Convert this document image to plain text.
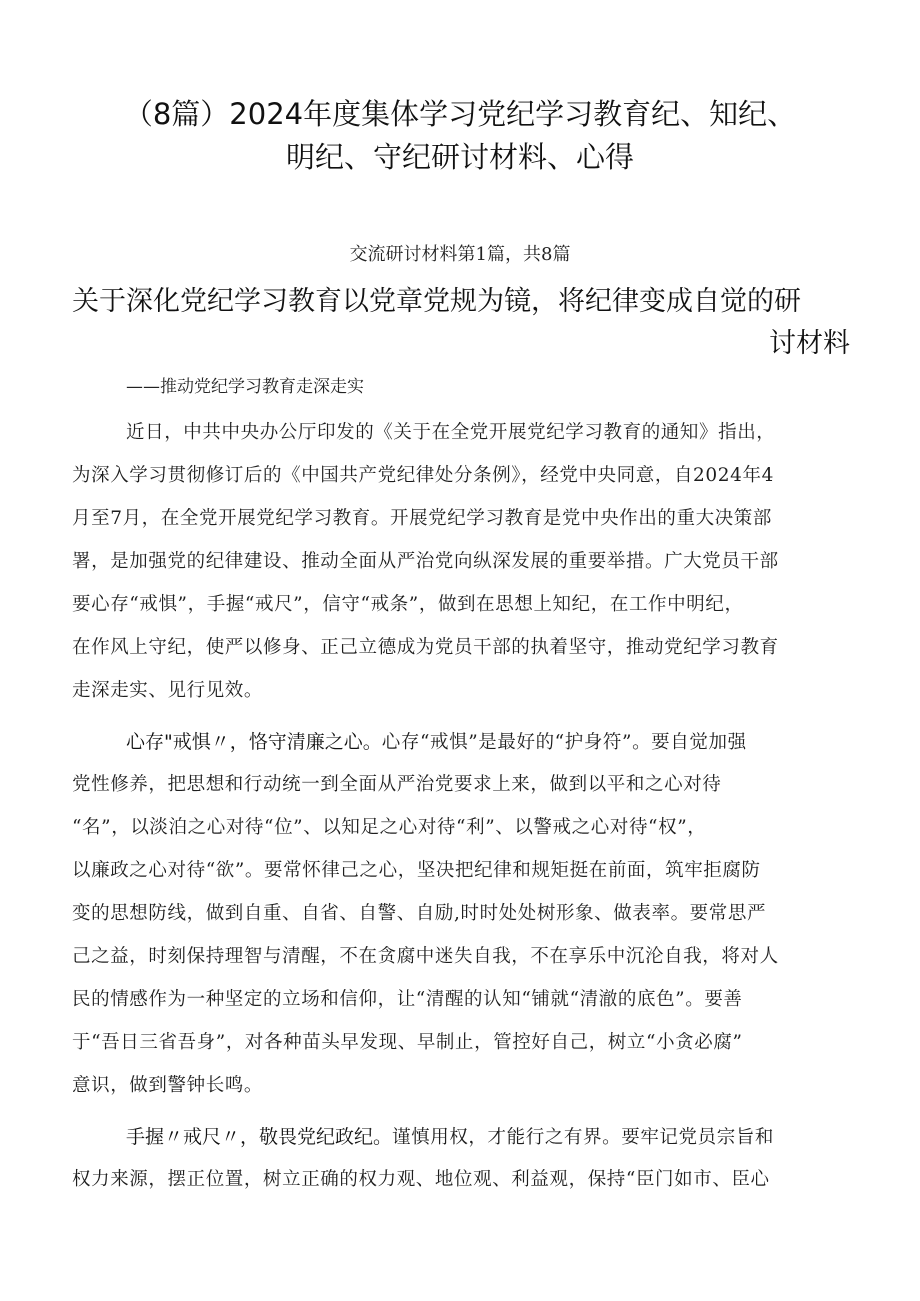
（8篇）2024年度集体学习党纪学习教育纪、知纪、
明纪、守纪研讨材料、心得
交流研讨材料第1篇，共8篇
关于深化党纪学习教育以党章党规为镜，将纪律变成自觉的研
讨材料
——推动党纪学习教育走深走实
近日，中共中央办公厅印发的《关于在全党开展党纪学习教育的通知》指出，
为深入学习贯彻修订后的《中国共产党纪律处分条例》，经党中央同意，自2024年4
月至7月，在全党开展党纪学习教育。开展党纪学习教育是党中央作出的重大决策部
署，是加强党的纪律建设、推动全面从严治党向纵深发展的重要举措。广大党员干部
要心存“戒惧”，手握“戒尺”，信守“戒条”，做到在思想上知纪，在工作中明纪，
在作风上守纪，使严以修身、正己立德成为党员干部的执着坚守，推动党纪学习教育
走深走实、见行见效。
心存"戒惧〃，恪守清廉之心。心存“戒惧”是最好的“护身符”。要自觉加强
党性修养，把思想和行动统一到全面从严治党要求上来，做到以平和之心对待
“名”，以淡泊之心对待“位”、以知足之心对待“利”、以警戒之心对待“权”，
以廉政之心对待“欲”。要常怀律己之心，坚决把纪律和规矩挺在前面，筑牢拒腐防
变的思想防线，做到自重、自省、自警、自励,时时处处树形象、做表率。要常思严
己之益，时刻保持理智与清醒，不在贪腐中迷失自我，不在享乐中沉沦自我，将对人
民的情感作为一种坚定的立场和信仰，让“清醒的认知“铺就“清澈的底色”。要善
于“吾日三省吾身”，对各种苗头早发现、早制止，管控好自己，树立“小贪必腐”
意识，做到警钟长鸣。
手握〃戒尺〃，敬畏党纪政纪。谨慎用权，才能行之有界。要牢记党员宗旨和
权力来源，摆正位置，树立正确的权力观、地位观、利益观，保持“臣门如市、臣心
